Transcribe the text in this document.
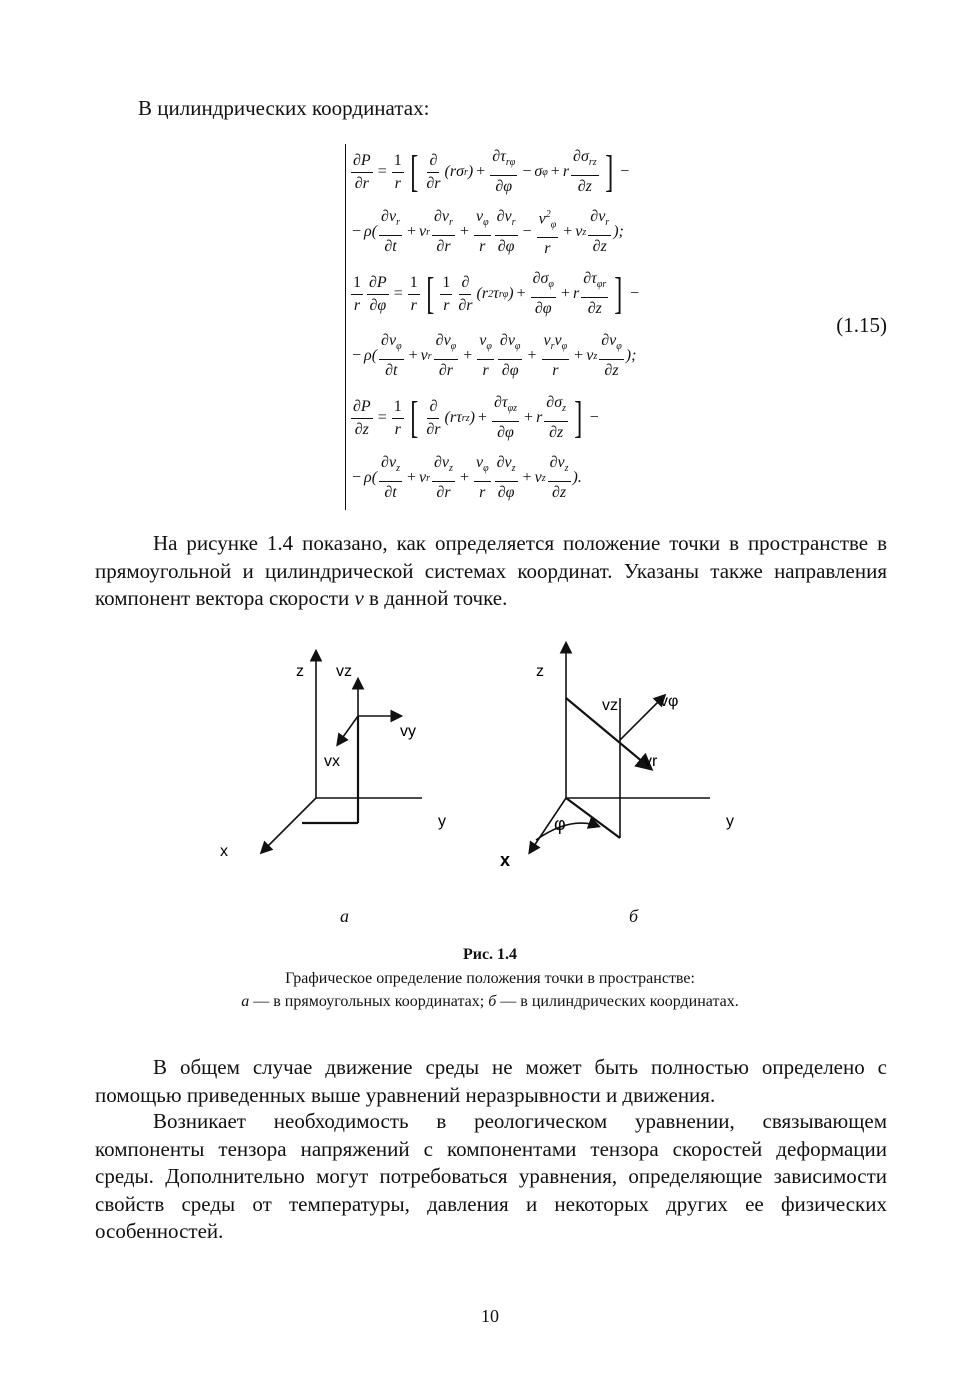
В цилиндрических координатах:
$\frac{\partial P}{\partial r} = \frac{1}{r}$ [ $\frac{\partial}{\partial r} (r\sigma$ r ) + $\frac{\partial\tau_{r\varphi}}{\partial\varphi} - \sigma$ φ + r $\frac{\partial\sigma_{rz}}{\partial z}$ ] −
− $\rho( \frac{\partial v_r}{\partial t} + v$ r $\frac{\partial v_r}{\partial r} + \frac{v_\varphi}{r} \frac{\partial v_r}{\partial\varphi} - \frac{v^2_\varphi}{r} + v$ z $\frac{\partial v_r}{\partial z}$ );
$\frac{1}{r} \frac{\partial P}{\partial\varphi} = \frac{1}{r}$ [ $\frac{1}{r} \frac{\partial}{\partial r} (r$ 2 τ rφ ) + $\frac{\partial\sigma_\varphi}{\partial\varphi} + r \frac{\partial\tau_{\varphi r}}{\partial z}$ ] −
− $\rho( \frac{\partial v_\varphi}{\partial t} + v$ r $\frac{\partial v_\varphi}{\partial r} + \frac{v_\varphi}{r} \frac{\partial v_\varphi}{\partial\varphi} + \frac{v_rv_\varphi}{r} + v$ z $\frac{\partial v_\varphi}{\partial z}$ );
$\frac{\partial P}{\partial z} = \frac{1}{r}$ [ $\frac{\partial}{\partial r} (r\tau$ rz ) + $\frac{\partial\tau_{\varphi z}}{\partial\varphi} + r \frac{\partial\sigma_z}{\partial z}$ ] −
− $\rho( \frac{\partial v_z}{\partial t} + v$ r $\frac{\partial v_z}{\partial r} + \frac{v_\varphi}{r} \frac{\partial v_z}{\partial\varphi} + v$ z $\frac{\partial v_z}{\partial z}$ ).
(1.15)

На рисунке 1.4 показано, как определяется положение точки в пространстве в прямоугольной и цилиндрической системах координат. Указаны также направления компонент вектора скорости v в данной точке.

z vz
vy
vx
y
x
z
vz	vφ
vr
φ	y
x
а	б
Рис. 1.4
Графическое определение положения точки в пространстве:
а — в прямоугольных координатах; б — в цилиндрических координатах.

В общем случае движение среды не может быть полностью определено с помощью приведенных выше уравнений неразрывности и движения.

Возникает необходимость в реологическом уравнении, связывающем компоненты тензора напряжений с компонентами тензора скоростей деформации среды. Дополнительно могут потребоваться уравнения, определяющие зависимости свойств среды от температуры, давления и некоторых других ее физических особенностей.

10
